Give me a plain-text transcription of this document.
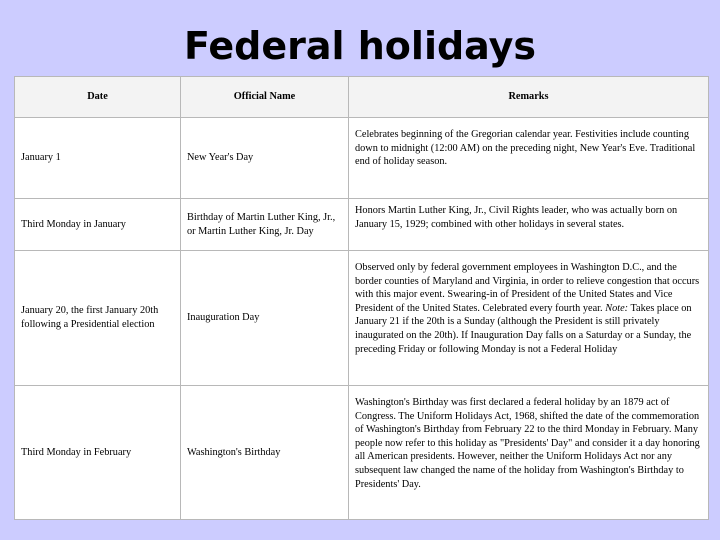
Federal holidays
Date	Official Name	Remarks
January 1	New Year's Day	Celebrates beginning of the Gregorian calendar year. Festivities include counting down to midnight (12:00 AM) on the preceding night, New Year's Eve. Traditional end of holiday season.
Third Monday in January	Birthday of Martin Luther King, Jr., or Martin Luther King, Jr. Day	Honors Martin Luther King, Jr., Civil Rights leader, who was actually born on January 15, 1929; combined with other holidays in several states.
January 20, the first January 20th following a Presidential election	Inauguration Day	Observed only by federal government employees in Washington D.C., and the border counties of Maryland and Virginia, in order to relieve congestion that occurs with this major event. Swearing-in of President of the United States and Vice President of the United States. Celebrated every fourth year. Note: Takes place on January 21 if the 20th is a Sunday (although the President is still privately inaugurated on the 20th). If Inauguration Day falls on a Saturday or a Sunday, the preceding Friday or following Monday is not a Federal Holiday
Third Monday in February	Washington's Birthday	Washington's Birthday was first declared a federal holiday by an 1879 act of Congress. The Uniform Holidays Act, 1968, shifted the date of the commemoration of Washington's Birthday from February 22 to the third Monday in February. Many people now refer to this holiday as "Presidents' Day" and consider it a day honoring all American presidents. However, neither the Uniform Holidays Act nor any subsequent law changed the name of the holiday from Washington's Birthday to Presidents' Day.
